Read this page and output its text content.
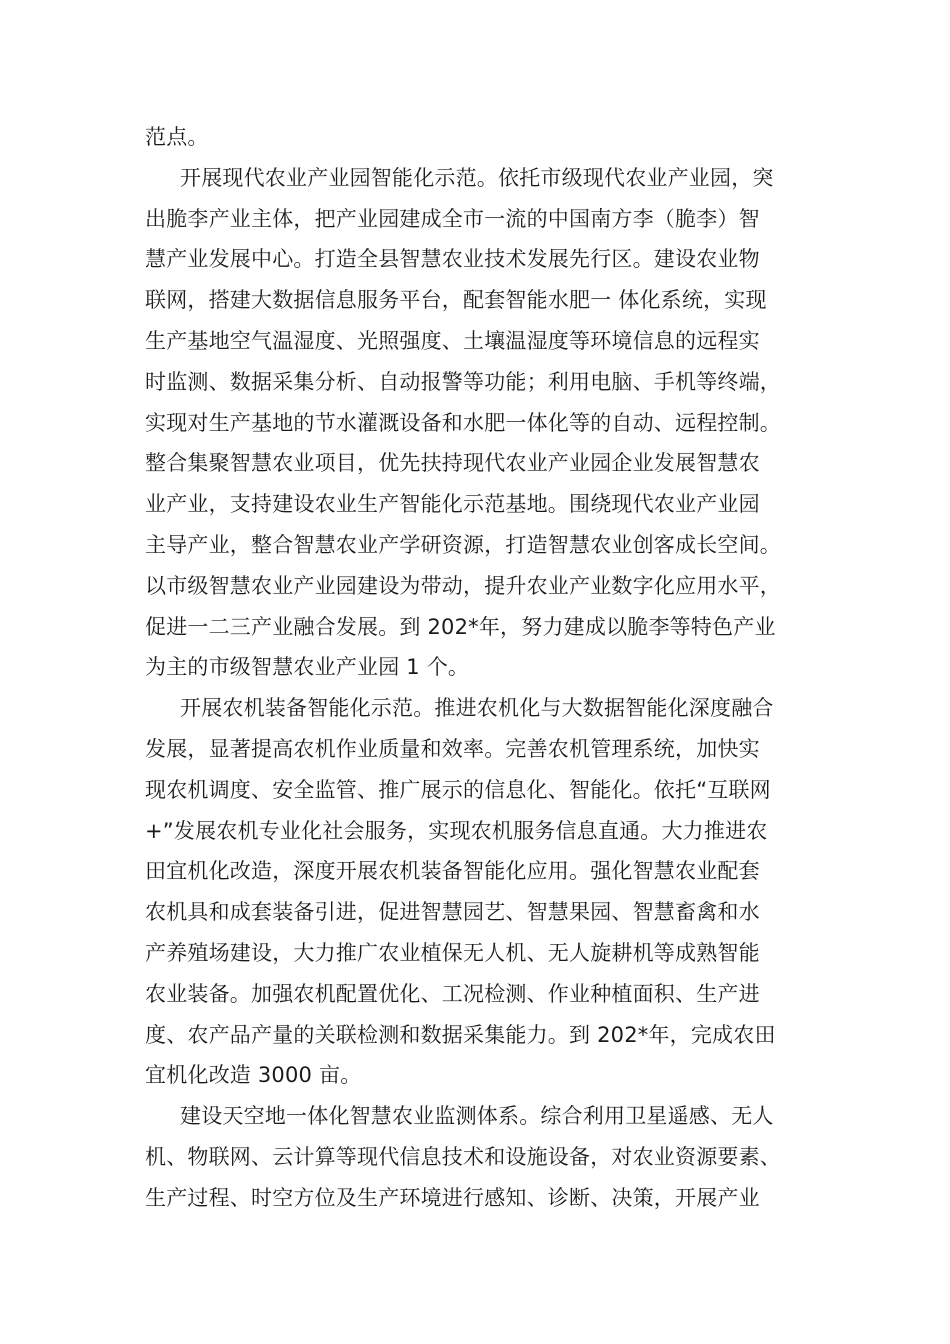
范点。
开展现代农业产业园智能化示范。依托市级现代农业产业园，突
出脆李产业主体，把产业园建成全市一流的中国南方李（脆李）智
慧产业发展中心。打造全县智慧农业技术发展先行区。建设农业物
联网，搭建大数据信息服务平台，配套智能水肥一 体化系统，实现
生产基地空气温湿度、光照强度、土壤温湿度等环境信息的远程实
时监测、数据采集分析、自动报警等功能；利用电脑、手机等终端，
实现对生产基地的节水灌溉设备和水肥一体化等的自动、远程控制。
整合集聚智慧农业项目，优先扶持现代农业产业园企业发展智慧农
业产业，支持建设农业生产智能化示范基地。围绕现代农业产业园
主导产业，整合智慧农业产学研资源，打造智慧农业创客成长空间。
以市级智慧农业产业园建设为带动，提升农业产业数字化应用水平，
促进一二三产业融合发展。到 202*年，努力建成以脆李等特色产业
为主的市级智慧农业产业园 1 个。
开展农机装备智能化示范。推进农机化与大数据智能化深度融合
发展，显著提高农机作业质量和效率。完善农机管理系统，加快实
现农机调度、安全监管、推广展示的信息化、智能化。依托“互联网
+”发展农机专业化社会服务，实现农机服务信息直通。大力推进农
田宜机化改造，深度开展农机装备智能化应用。强化智慧农业配套
农机具和成套装备引进，促进智慧园艺、智慧果园、智慧畜禽和水
产养殖场建设，大力推广农业植保无人机、无人旋耕机等成熟智能
农业装备。加强农机配置优化、工况检测、作业种植面积、生产进
度、农产品产量的关联检测和数据采集能力。到 202*年，完成农田
宜机化改造 3000 亩。
建设天空地一体化智慧农业监测体系。综合利用卫星遥感、无人
机、物联网、云计算等现代信息技术和设施设备，对农业资源要素、
生产过程、时空方位及生产环境进行感知、诊断、决策，开展产业
